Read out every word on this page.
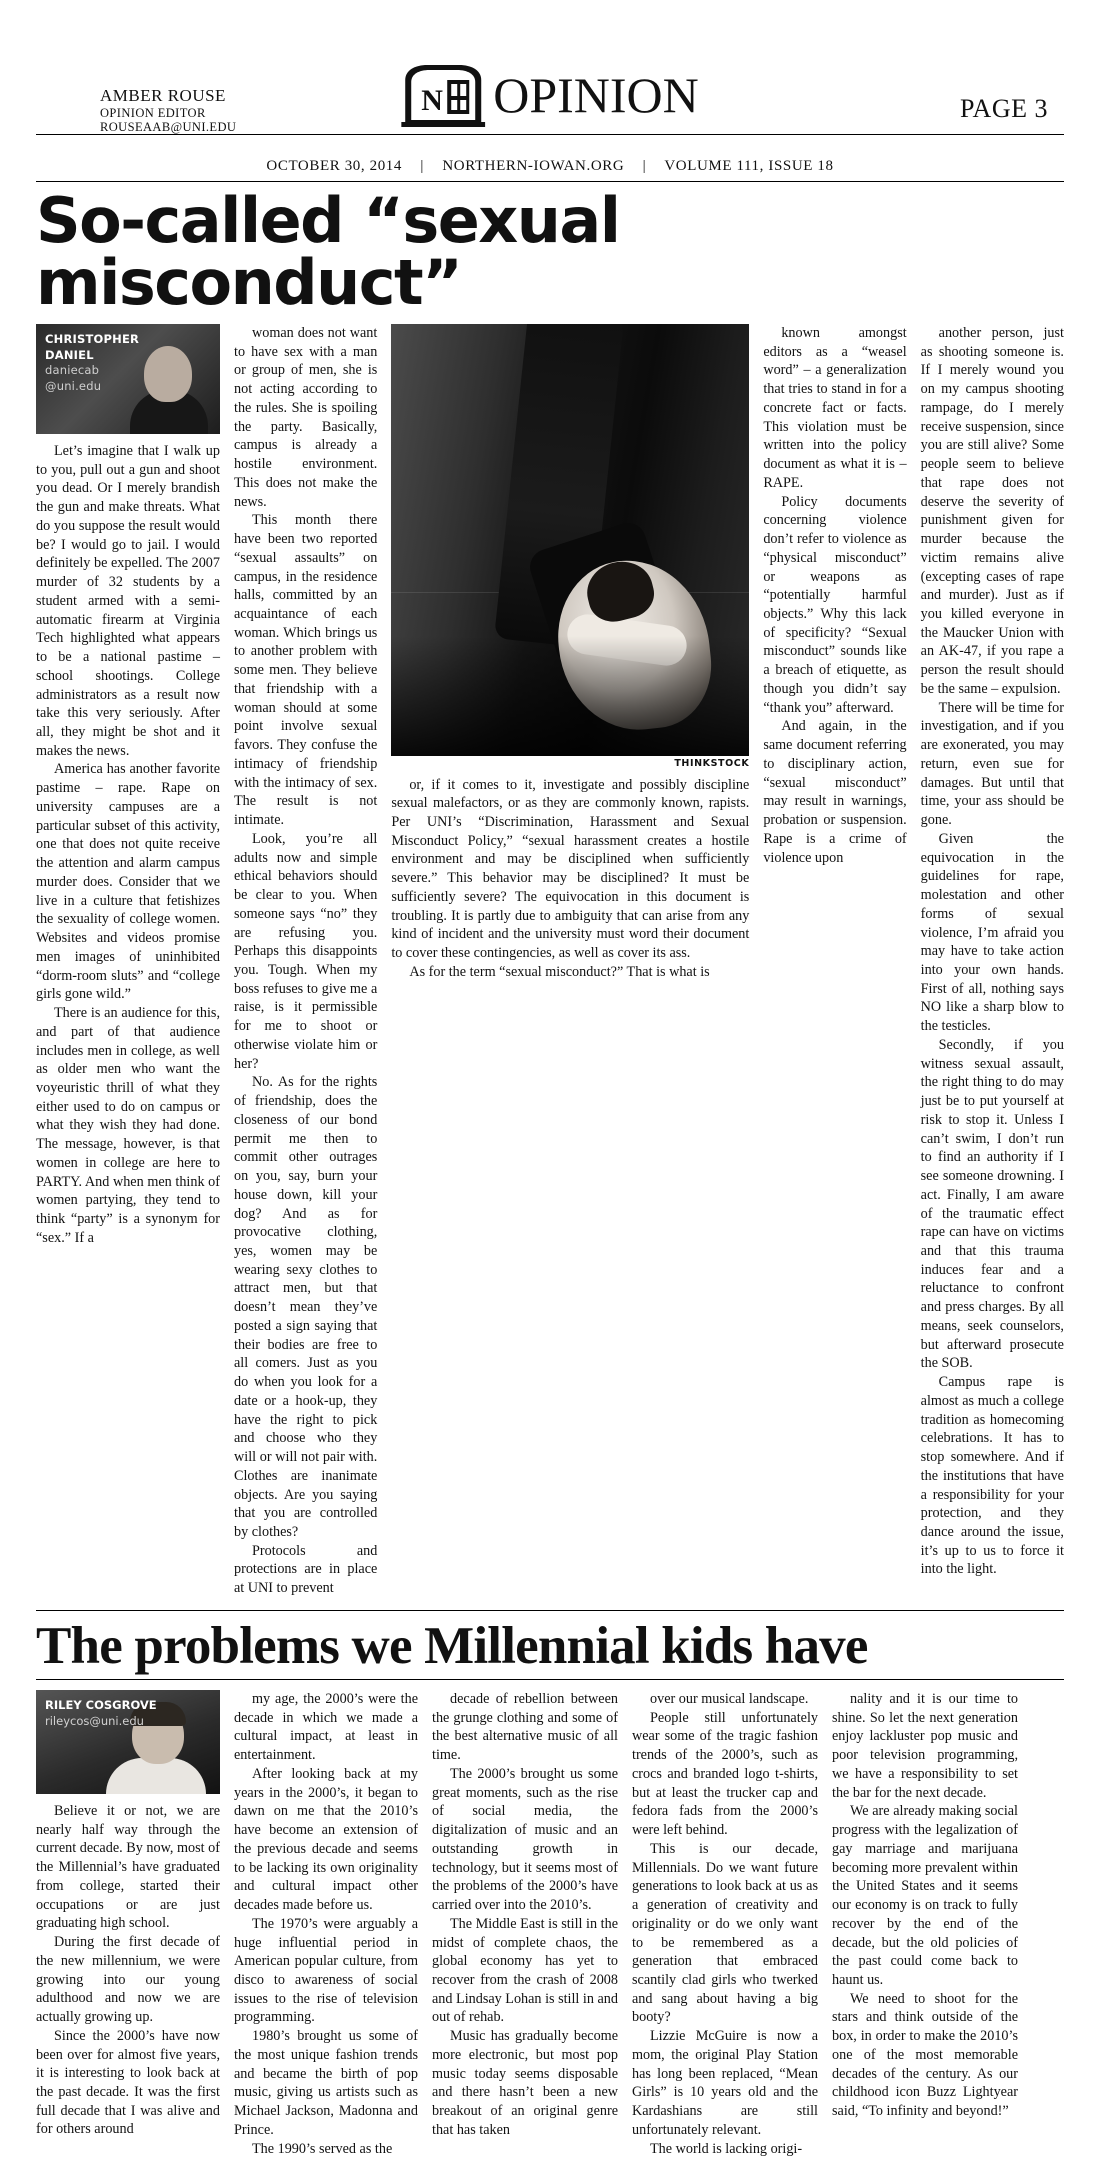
AMBER ROUSE
OPINION EDITOR
ROUSEAAB@UNI.EDU
N OPINION	PAGE 3
OCTOBER 30, 2014 | NORTHERN-IOWAN.ORG | VOLUME 111, ISSUE 18
So-called “sexual misconduct”
CHRISTOPHER
DANIEL
daniecab
@uni.edu

Let’s imagine that I walk up to you, pull out a gun and shoot you dead. Or I merely brandish the gun and make threats. What do you suppose the result would be? I would go to jail. I would definitely be expelled. The 2007 murder of 32 students by a student armed with a semi-automatic firearm at Virginia Tech highlighted what appears to be a national pastime – school shootings. College administrators as a result now take this very seriously. After all, they might be shot and it makes the news.

America has another favorite pastime – rape. Rape on university campuses are a particular subset of this activity, one that does not quite receive the attention and alarm campus murder does. Consider that we live in a culture that fetishizes the sexuality of college women. Websites and videos promise men images of uninhibited “dorm-room sluts” and “college girls gone wild.”

There is an audience for this, and part of that audience includes men in college, as well as older men who want the voyeuristic thrill of what they either used to do on campus or what they wish they had done. The message, however, is that women in college are here to PARTY. And when men think of women partying, they tend to think “party” is a synonym for “sex.” If a

woman does not want to have sex with a man or group of men, she is not acting according to the rules. She is spoiling the party. Basically, campus is already a hostile environment. This does not make the news.

This month there have been two reported “sexual assaults” on campus, in the residence halls, committed by an acquaintance of each woman. Which brings us to another problem with some men. They believe that friendship with a woman should at some point involve sexual favors. They confuse the intimacy of friendship with the intimacy of sex. The result is not intimate.

Look, you’re all adults now and simple ethical behaviors should be clear to you. When someone says “no” they are refusing you. Perhaps this disappoints you. Tough. When my boss refuses to give me a raise, is it permissible for me to shoot or otherwise violate him or her?

No. As for the rights of friendship, does the closeness of our bond permit me then to commit other outrages on you, say, burn your house down, kill your dog? And as for provocative clothing, yes, women may be wearing sexy clothes to attract men, but that doesn’t mean they’ve posted a sign saying that their bodies are free to all comers. Just as you do when you look for a date or a hook-up, they have the right to pick and choose who they will or will not pair with. Clothes are inanimate objects. Are you saying that you are controlled by clothes?

Protocols and protections are in place at UNI to prevent

THINKSTOCK

or, if it comes to it, investigate and possibly discipline sexual malefactors, or as they are commonly known, rapists. Per UNI’s “Discrimination, Harassment and Sexual Misconduct Policy,” “sexual harassment creates a hostile environment and may be disciplined when sufficiently severe.” This behavior may be disciplined? It must be sufficiently severe? The equivocation in this document is troubling. It is partly due to ambiguity that can arise from any kind of incident and the university must word their document to cover these contingencies, as well as cover its ass.

As for the term “sexual misconduct?” That is what is

known amongst editors as a “weasel word” – a generalization that tries to stand in for a concrete fact or facts. This violation must be written into the policy document as what it is – RAPE.

Policy documents concerning violence don’t refer to violence as “physical misconduct” or weapons as “potentially harmful objects.” Why this lack of specificity? “Sexual misconduct” sounds like a breach of etiquette, as though you didn’t say “thank you” afterward.

And again, in the same document referring to disciplinary action, “sexual misconduct” may result in warnings, probation or suspension. Rape is a crime of violence upon

another person, just as shooting someone is. If I merely wound you on my campus shooting rampage, do I merely receive suspension, since you are still alive? Some people seem to believe that rape does not deserve the severity of punishment given for murder because the victim remains alive (excepting cases of rape and murder). Just as if you killed everyone in the Maucker Union with an AK-47, if you rape a person the result should be the same – expulsion.

There will be time for investigation, and if you are exonerated, you may return, even sue for damages. But until that time, your ass should be gone.

Given the equivocation in the guidelines for rape, molestation and other forms of sexual violence, I’m afraid you may have to take action into your own hands. First of all, nothing says NO like a sharp blow to the testicles.

Secondly, if you witness sexual assault, the right thing to do may just be to put yourself at risk to stop it. Unless I can’t swim, I don’t run to find an authority if I see someone drowning. I act. Finally, I am aware of the traumatic effect rape can have on victims and that this trauma induces fear and a reluctance to confront and press charges. By all means, seek counselors, but afterward prosecute the SOB.

Campus rape is almost as much a college tradition as homecoming celebrations. It has to stop somewhere. And if the institutions that have a responsibility for your protection, and they dance around the issue, it’s up to us to force it into the light.

The problems we Millennial kids have
RILEY COSGROVE
rileycos@uni.edu

Believe it or not, we are nearly half way through the current decade. By now, most of the Millennial’s have graduated from college, started their occupations or are just graduating high school.

During the first decade of the new millennium, we were growing into our young adulthood and now we are actually growing up.

Since the 2000’s have now been over for almost five years, it is interesting to look back at the past decade. It was the first full decade that I was alive and for others around

my age, the 2000’s were the decade in which we made a cultural impact, at least in entertainment.

After looking back at my years in the 2000’s, it began to dawn on me that the 2010’s have become an extension of the previous decade and seems to be lacking its own originality and cultural impact other decades made before us.

The 1970’s were arguably a huge influential period in American popular culture, from disco to awareness of social issues to the rise of television programming.

1980’s brought us some of the most unique fashion trends and became the birth of pop music, giving us artists such as Michael Jackson, Madonna and Prince.

The 1990’s served as the

decade of rebellion between the grunge clothing and some of the best alternative music of all time.

The 2000’s brought us some great moments, such as the rise of social media, the digitalization of music and an outstanding growth in technology, but it seems most of the problems of the 2000’s have carried over into the 2010’s.

The Middle East is still in the midst of complete chaos, the global economy has yet to recover from the crash of 2008 and Lindsay Lohan is still in and out of rehab.

Music has gradually become more electronic, but most pop music today seems disposable and there hasn’t been a new breakout of an original genre that has taken

over our musical landscape.

People still unfortunately wear some of the tragic fashion trends of the 2000’s, such as crocs and branded logo t-shirts, but at least the trucker cap and fedora fads from the 2000’s were left behind.

This is our decade, Millennials. Do we want future generations to look back at us as a generation of creativity and originality or do we only want to be remembered as a generation that embraced scantily clad girls who twerked and sang about having a big booty?

Lizzie McGuire is now a mom, the original Play Station has long been replaced, “Mean Girls” is 10 years old and the Kardashians are still unfortunately relevant.

The world is lacking origi-

nality and it is our time to shine. So let the next generation enjoy lackluster pop music and poor television programming, we have a responsibility to set the bar for the next decade.

We are already making social progress with the legalization of gay marriage and marijuana becoming more prevalent within the United States and it seems our economy is on track to fully recover by the end of the decade, but the old policies of the past could come back to haunt us.

We need to shoot for the stars and think outside of the box, in order to make the 2010’s one of the most memorable decades of the century. As our childhood icon Buzz Lightyear said, “To infinity and beyond!”
